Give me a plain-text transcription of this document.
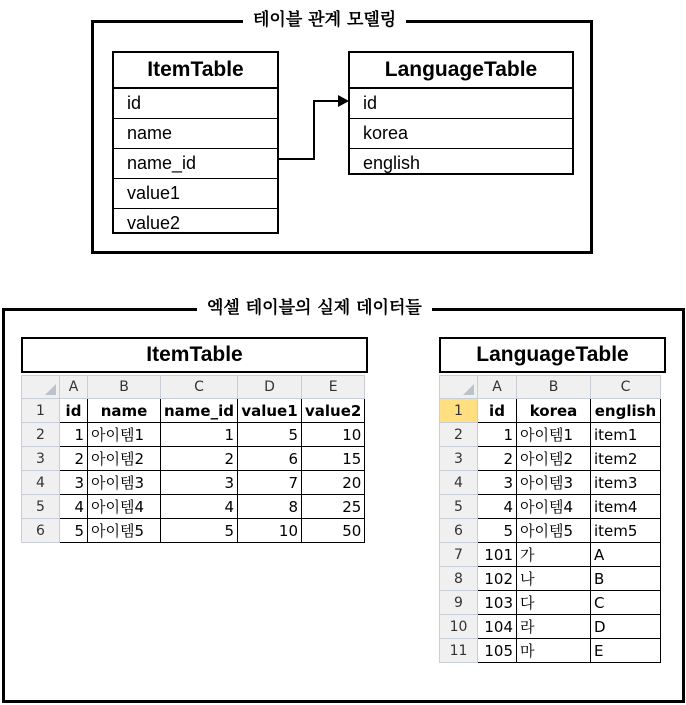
테이블 관계 모델링
ItemTable
id
name
name_id
value1
value2
LanguageTable
id
korea
english
엑셀 테이블의 실제 데이터들
ItemTable
	A	B	C	D	E
1	id	name	name_id	value1	value2
2	1	아이템1	1	5	10
3	2	아이템2	2	6	15
4	3	아이템3	3	7	20
5	4	아이템4	4	8	25
6	5	아이템5	5	10	50
LanguageTable
	A	B	C
1	id	korea	english
2	1	아이템1	item1
3	2	아이템2	item2
4	3	아이템3	item3
5	4	아이템4	item4
6	5	아이템5	item5
7	101	가	A
8	102	나	B
9	103	다	C
10	104	라	D
11	105	마	E
